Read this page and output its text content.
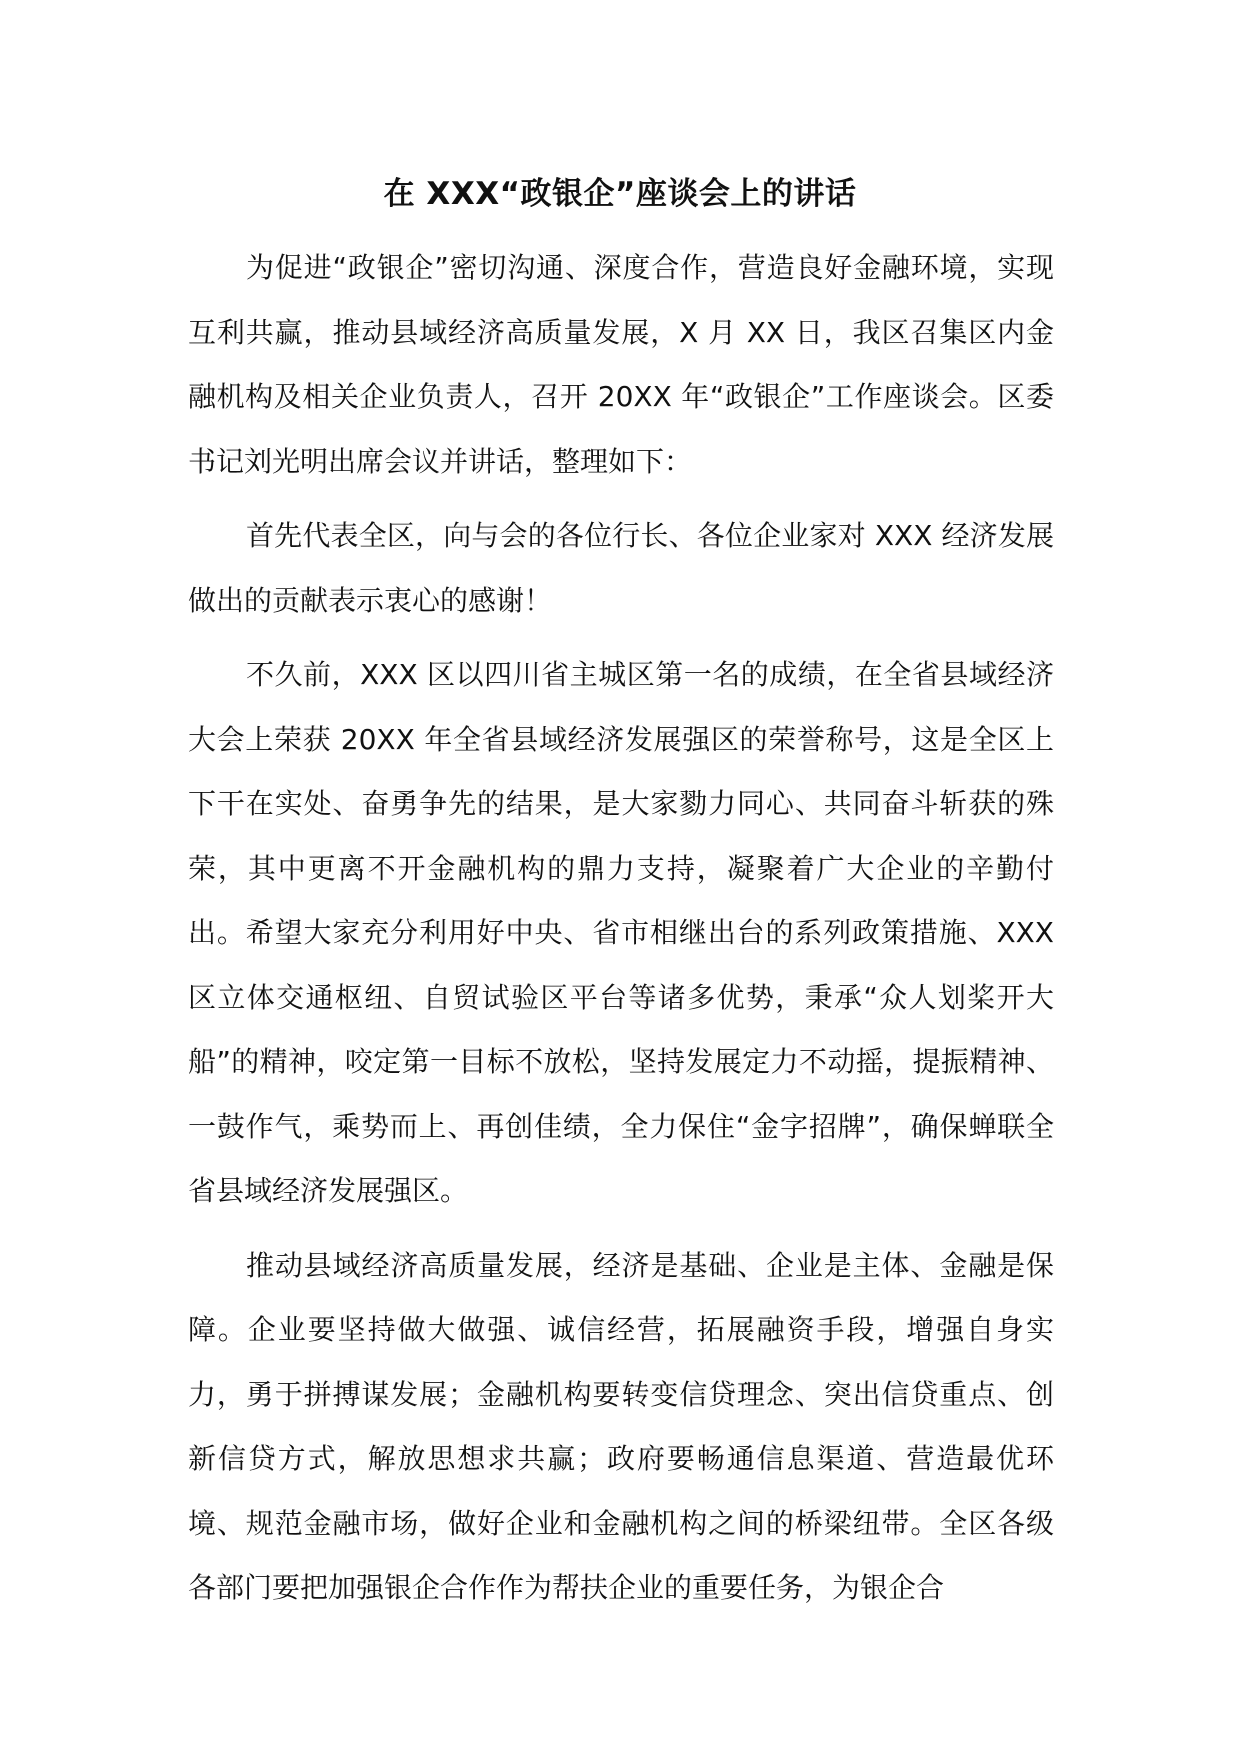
在 XXX“政银企”座谈会上的讲话

为促进“政银企”密切沟通、深度合作，营造良好金融环境，实现互利共赢，推动县域经济高质量发展，X 月 XX 日，我区召集区内金融机构及相关企业负责人，召开 20XX 年“政银企”工作座谈会。区委书记刘光明出席会议并讲话，整理如下：

首先代表全区，向与会的各位行长、各位企业家对 XXX 经济发展做出的贡献表示衷心的感谢！

不久前，XXX 区以四川省主城区第一名的成绩，在全省县域经济大会上荣获 20XX 年全省县域经济发展强区的荣誉称号，这是全区上下干在实处、奋勇争先的结果，是大家勠力同心、共同奋斗斩获的殊荣，其中更离不开金融机构的鼎力支持，凝聚着广大企业的辛勤付出。希望大家充分利用好中央、省市相继出台的系列政策措施、XXX 区立体交通枢纽、自贸试验区平台等诸多优势，秉承“众人划桨开大船”的精神，咬定第一目标不放松，坚持发展定力不动摇，提振精神、一鼓作气，乘势而上、再创佳绩，全力保住“金字招牌”，确保蝉联全省县域经济发展强区。

推动县域经济高质量发展，经济是基础、企业是主体、金融是保障。企业要坚持做大做强、诚信经营，拓展融资手段，增强自身实力，勇于拼搏谋发展；金融机构要转变信贷理念、突出信贷重点、创新信贷方式，解放思想求共赢；政府要畅通信息渠道、营造最优环境、规范金融市场，做好企业和金融机构之间的桥梁纽带。全区各级各部门要把加强银企合作作为帮扶企业的重要任务，为银企合
